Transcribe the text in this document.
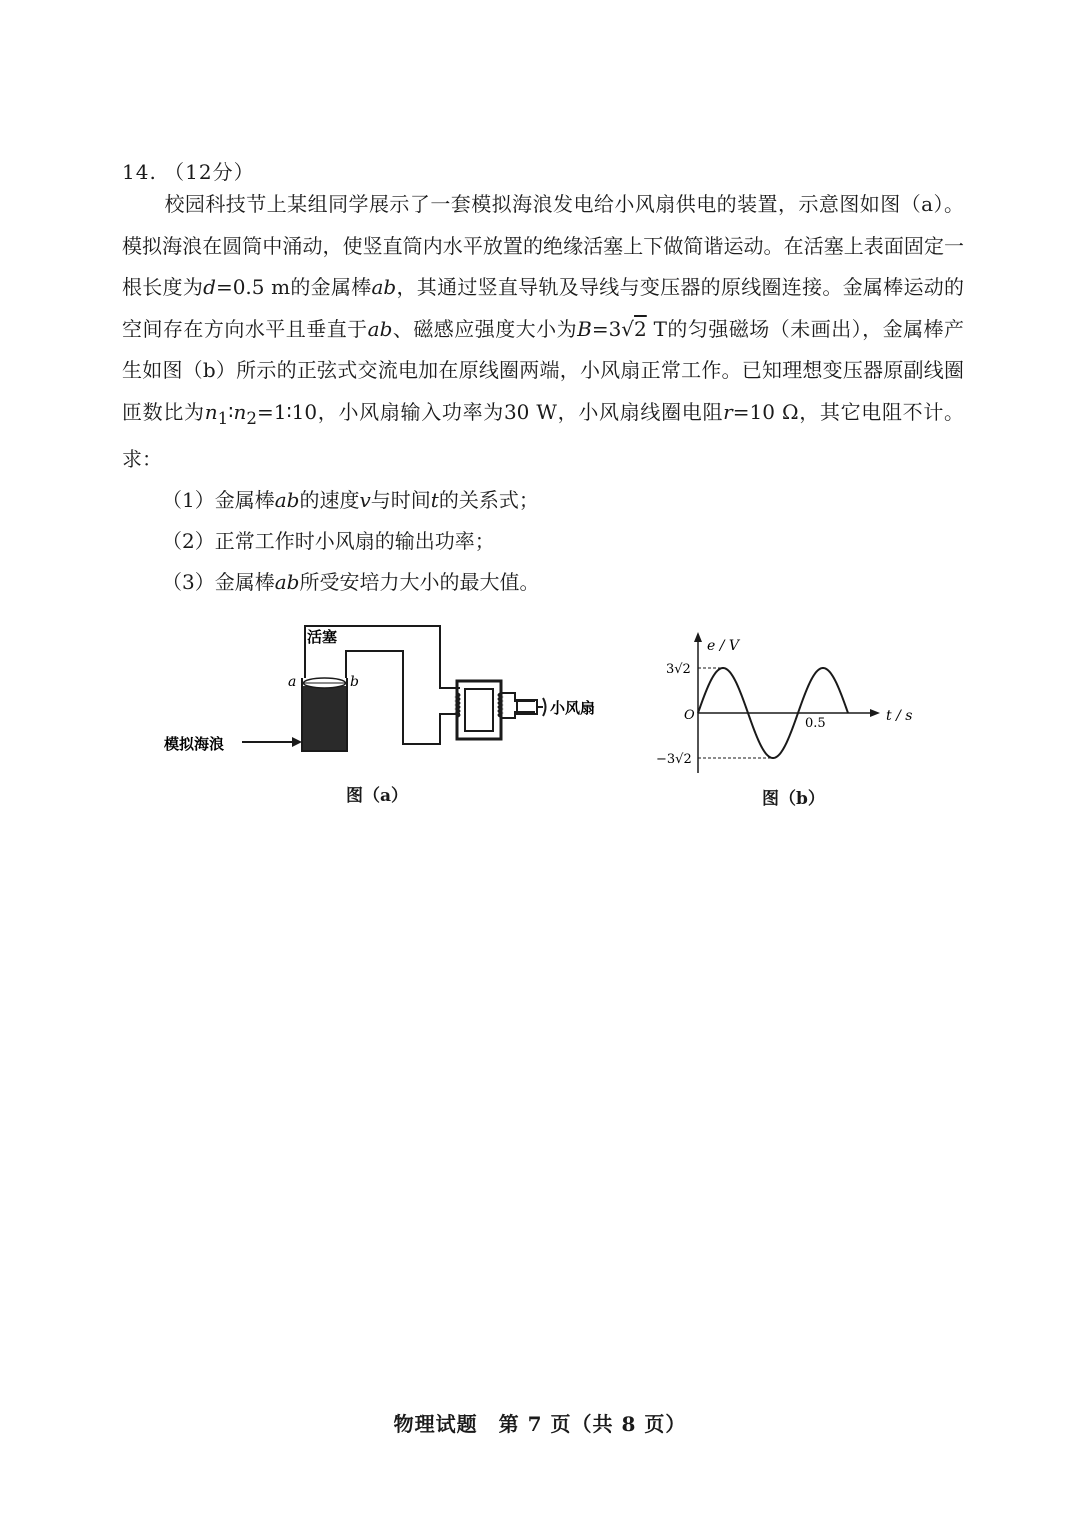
14. （12分）

校园科技节上某组同学展示了一套模拟海浪发电给小风扇供电的装置，示意图如图（a）。模拟海浪在圆筒中涌动，使竖直筒内水平放置的绝缘活塞上下做简谐运动。在活塞上表面固定一根长度为d=0.5 m的金属棒ab，其通过竖直导轨及导线与变压器的原线圈连接。金属棒运动的空间存在方向水平且垂直于ab、磁感应强度大小为B=3√2 T的匀强磁场（未画出），金属棒产生如图（b）所示的正弦式交流电加在原线圈两端，小风扇正常工作。已知理想变压器原副线圈匝数比为$n_1∶n_2=1∶10$，小风扇输入功率为30 W，小风扇线圈电阻r=10 Ω，其它电阻不计。求：

（1）金属棒ab的速度v与时间t的关系式；
（2）正常工作时小风扇的输出功率；
（3）金属棒ab所受安培力大小的最大值。
活塞
a	b
模拟海浪
小风扇
图（a）
e / V
t / s
O
3√2
−3√2
0.5
图（b）
物理试题　第 7 页（共 8 页）
